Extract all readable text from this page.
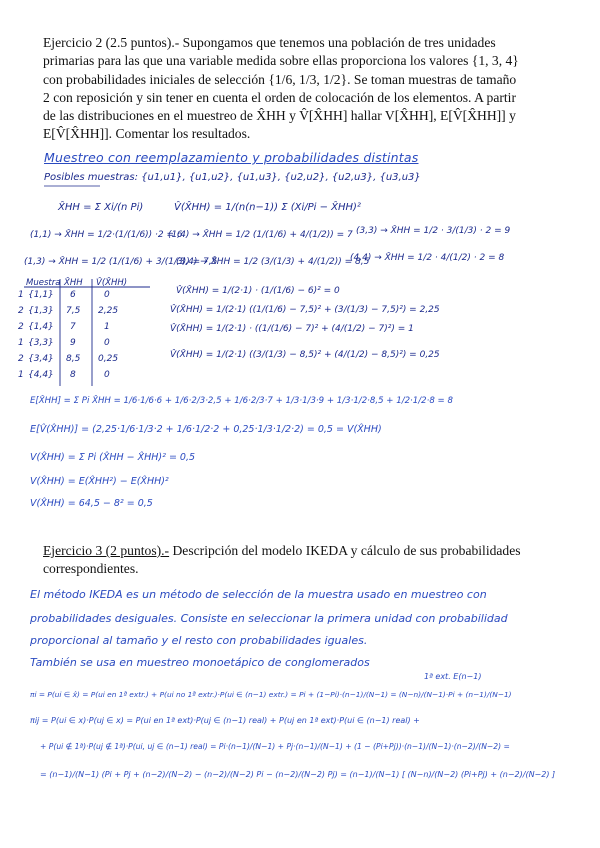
Ejercicio 2 (2.5 puntos).- Supongamos que tenemos una población de tres unidades
primarias para las que una variable medida sobre ellas proporciona los valores {1, 3, 4}
con probabilidades iniciales de selección {1/6, 1/3, 1/2}. Se toman muestras de tamaño
2 con reposición y sin tener en cuenta el orden de colocación de los elementos. A partir
de las distribuciones en el muestreo de X̂HH y V̂[X̂HH] hallar V[X̂HH], E[V̂[X̂HH]] y
E[V̂[X̂HH]]. Comentar los resultados.
Muestreo con reemplazamiento y probabilidades distintas
Posibles muestras: {u1,u1}, {u1,u2}, {u1,u3}, {u2,u2}, {u2,u3}, {u3,u3}
X̂HH = Σ Xi/(n Pi)	V̂(X̂HH) = 1/(n(n−1)) Σ (Xi/Pi − X̂HH)²
(1,1) → X̂HH = 1/2·(1/(1/6)) ·2 = 6
(1,4) → X̂HH = 1/2 (1/(1/6) + 4/(1/2)) = 7 (3,3) → X̂HH = 1/2 · 3/(1/3) · 2 = 9
(1,3) → X̂HH = 1/2 (1/(1/6) + 3/(1/3)) = 7,5
(3,4) → X̂HH = 1/2 (3/(1/3) + 4/(1/2)) = 8,5
(4,4) → X̂HH = 1/2 · 4/(1/2) · 2 = 8
Muestra X̂HH V̂(X̂HH)
1 {1,1} 6	0
2 {1,3} 7,5 2,25
2 {1,4} 7	1
1 {3,3} 9	0
2 {3,4} 8,5 0,25
1 {4,4} 8	0
V̂(X̂HH) = 1/(2·1) · (1/(1/6) − 6)² = 0
V̂(X̂HH) = 1/(2·1) ((1/(1/6) − 7,5)² + (3/(1/3) − 7,5)²) = 2,25
V̂(X̂HH) = 1/(2·1) · ((1/(1/6) − 7)² + (4/(1/2) − 7)²) = 1
V̂(X̂HH) = 1/(2·1) ((3/(1/3) − 8,5)² + (4/(1/2) − 8,5)²) = 0,25
E[X̂HH] = Σ Pi X̂HH = 1/6·1/6·6 + 1/6·2/3·2,5 + 1/6·2/3·7 + 1/3·1/3·9 + 1/3·1/2·8,5 + 1/2·1/2·8 = 8
E[V̂(X̂HH)] = (2,25·1/6·1/3·2 + 1/6·1/2·2 + 0,25·1/3·1/2·2) = 0,5 = V(X̂HH)
V(X̂HH) = Σ Pi (X̂HH − X̂HH)² = 0,5
V(X̂HH) = E(X̂HH²) − E(X̂HH)²
V(X̂HH) = 64,5 − 8² = 0,5
Ejercicio 3 (2 puntos).- Descripción del modelo IKEDA y cálculo de sus probabilidades
correspondientes.
El método IKEDA es un método de selección de la muestra usado en muestreo con
probabilidades desiguales. Consiste en seleccionar la primera unidad con probabilidad
proporcional al tamaño y el resto con probabilidades iguales.
También se usa en muestreo monoetápico de conglomerados
1ª ext. E(n−1)
πi = P(ui ∈ x̂) = P(ui en 1ª extr.) + P(ui no 1ª extr.)·P(ui ∈ (n−1) extr.) = Pi + (1−Pi)·(n−1)/(N−1) = (N−n)/(N−1)·Pi + (n−1)/(N−1)
πij = P(ui ∈ x)·P(uj ∈ x) = P(ui en 1ª ext)·P(uj ∈ (n−1) real) + P(uj en 1ª ext)·P(ui ∈ (n−1) real) +
+ P(ui ∉ 1ª)·P(uj ∉ 1ª)·P(ui, uj ∈ (n−1) real) = Pi·(n−1)/(N−1) + Pj·(n−1)/(N−1) + (1 − (Pi+Pj))·(n−1)/(N−1)·(n−2)/(N−2) =
= (n−1)/(N−1) (Pi + Pj + (n−2)/(N−2) − (n−2)/(N−2) Pi − (n−2)/(N−2) Pj) = (n−1)/(N−1) [ (N−n)/(N−2) (Pi+Pj) + (n−2)/(N−2) ]
